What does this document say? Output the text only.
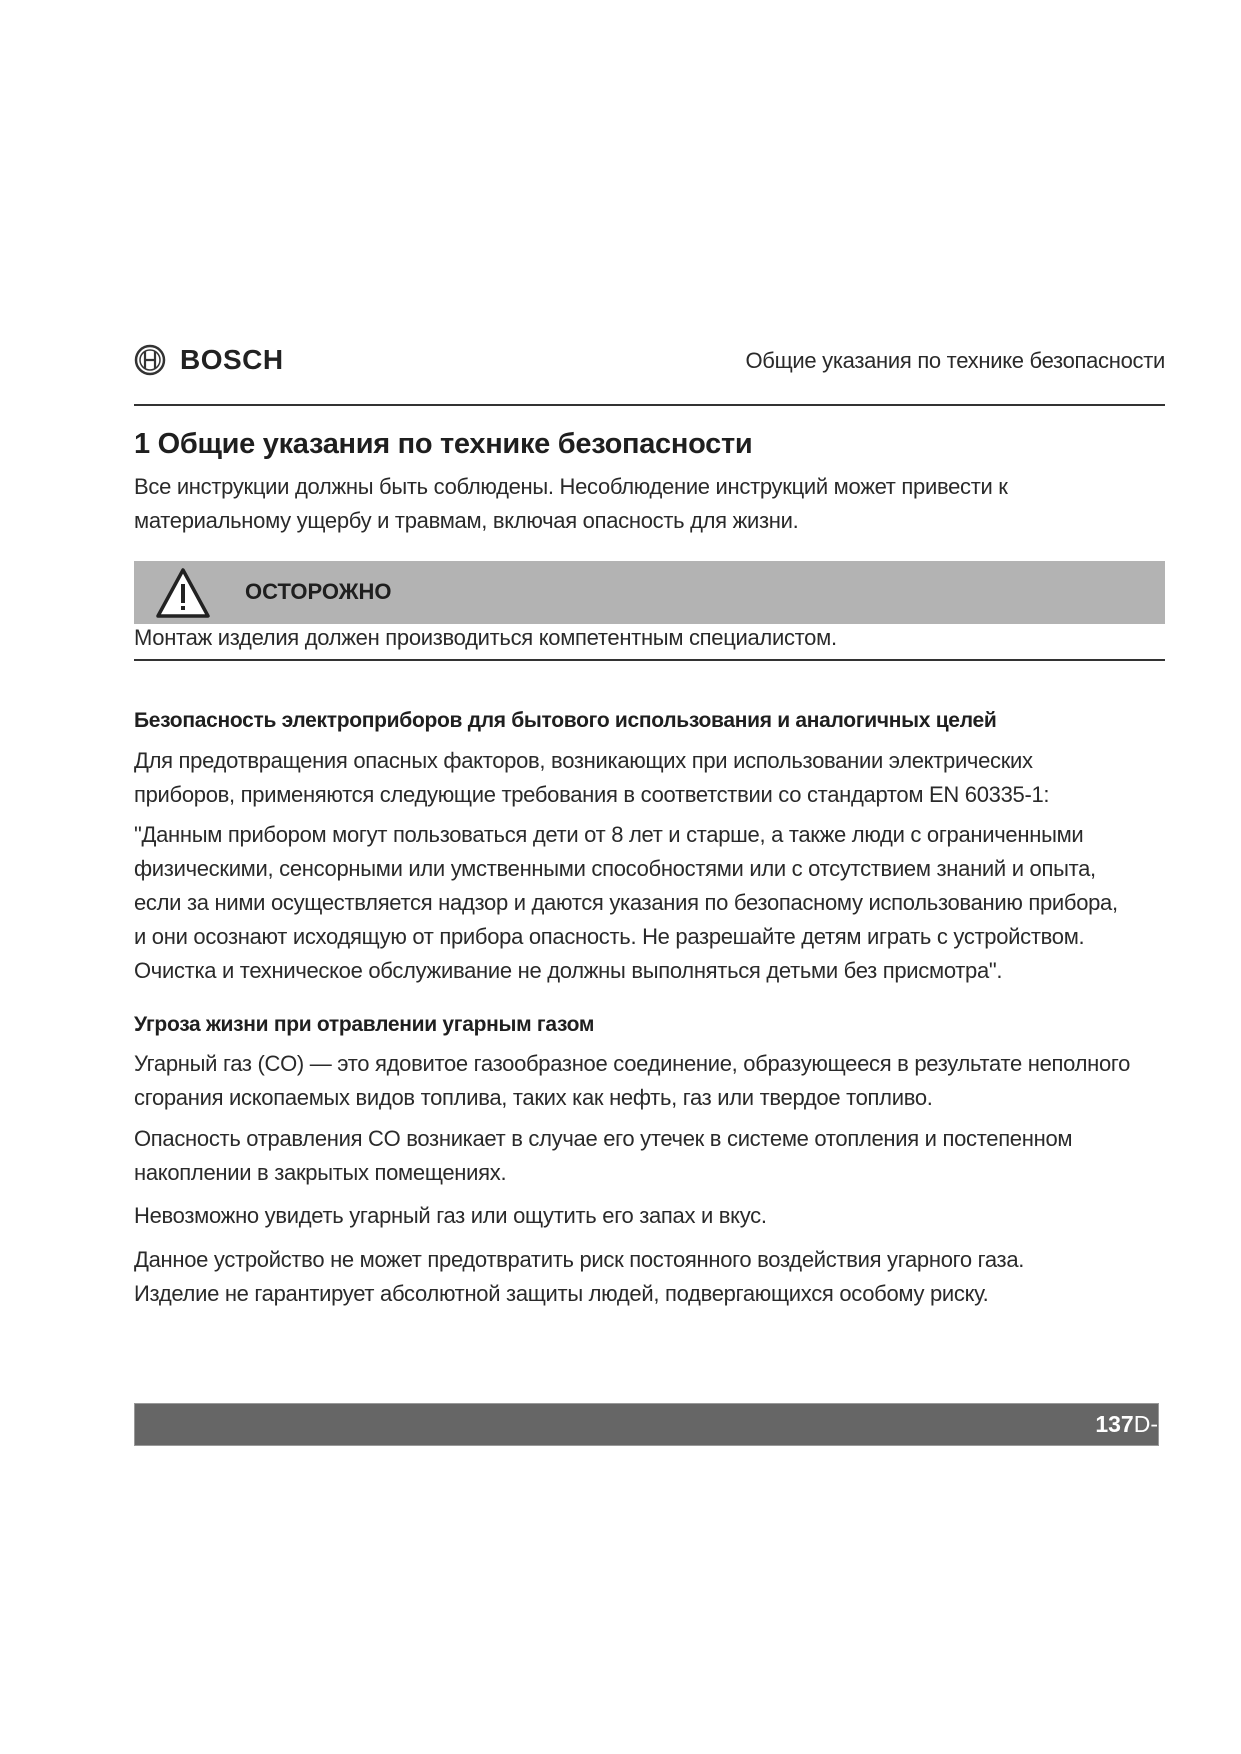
BOSCH	Общие указания по технике безопасности
1 Общие указания по технике безопасности
Все инструкции должны быть соблюдены. Несоблюдение инструкций может привести к
материальному ущербу и травмам, включая опасность для жизни.
ОСТОРОЖНО
Монтаж изделия должен производиться компетентным специалистом.
Безопасность электроприборов для бытового использования и аналогичных целей
Для предотвращения опасных факторов, возникающих при использовании электрических
приборов, применяются следующие требования в соответствии со стандартом EN 60335-1:
"Данным прибором могут пользоваться дети от 8 лет и старше, а также люди с ограниченными
физическими, сенсорными или умственными способностями или с отсутствием знаний и опыта,
если за ними осуществляется надзор и даются указания по безопасному использованию прибора,
и они осознают исходящую от прибора опасность. Не разрешайте детям играть с устройством.
Очистка и техническое обслуживание не должны выполняться детьми без присмотра".
Угроза жизни при отравлении угарным газом
Угарный газ (CO) — это ядовитое газообразное соединение, образующееся в результате неполного
сгорания ископаемых видов топлива, таких как нефть, газ или твердое топливо.
Опасность отравления CO возникает в случае его утечек в системе отопления и постепенном
накоплении в закрытых помещениях.
Невозможно увидеть угарный газ или ощутить его запах и вкус.
Данное устройство не может предотвратить риск постоянного воздействия угарного газа.
Изделие не гарантирует абсолютной защиты людей, подвергающихся особому риску.
137D-
